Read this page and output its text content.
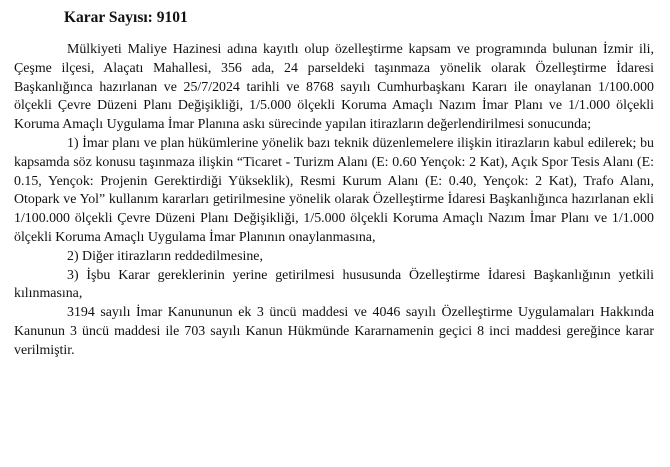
Karar Sayısı: 9101

Mülkiyeti Maliye Hazinesi adına kayıtlı olup özelleştirme kapsam ve programında bulunan İzmir ili, Çeşme ilçesi, Alaçatı Mahallesi, 356 ada, 24 parseldeki taşınmaza yönelik olarak Özelleştirme İdaresi Başkanlığınca hazırlanan ve 25/7/2024 tarihli ve 8768 sayılı Cumhurbaşkanı Kararı ile onaylanan 1/100.000 ölçekli Çevre Düzeni Planı Değişikliği, 1/5.000 ölçekli Koruma Amaçlı Nazım İmar Planı ve 1/1.000 ölçekli Koruma Amaçlı Uygulama İmar Planına askı sürecinde yapılan itirazların değerlendirilmesi sonucunda;

1) İmar planı ve plan hükümlerine yönelik bazı teknik düzenlemelere ilişkin itirazların kabul edilerek; bu kapsamda söz konusu taşınmaza ilişkin “Ticaret - Turizm Alanı (E: 0.60 Yençok: 2 Kat), Açık Spor Tesis Alanı (E: 0.15, Yençok: Projenin Gerektirdiği Yükseklik), Resmi Kurum Alanı (E: 0.40, Yençok: 2 Kat), Trafo Alanı, Otopark ve Yol” kullanım kararları getirilmesine yönelik olarak Özelleştirme İdaresi Başkanlığınca hazırlanan ekli 1/100.000 ölçekli Çevre Düzeni Planı Değişikliği, 1/5.000 ölçekli Koruma Amaçlı Nazım İmar Planı ve 1/1.000 ölçekli Koruma Amaçlı Uygulama İmar Planının onaylanmasına,

2) Diğer itirazların reddedilmesine,

3) İşbu Karar gereklerinin yerine getirilmesi hususunda Özelleştirme İdaresi Başkanlığının yetkili kılınmasına,

3194 sayılı İmar Kanununun ek 3 üncü maddesi ve 4046 sayılı Özelleştirme Uygulamaları Hakkında Kanunun 3 üncü maddesi ile 703 sayılı Kanun Hükmünde Kararnamenin geçici 8 inci maddesi gereğince karar verilmiştir.
